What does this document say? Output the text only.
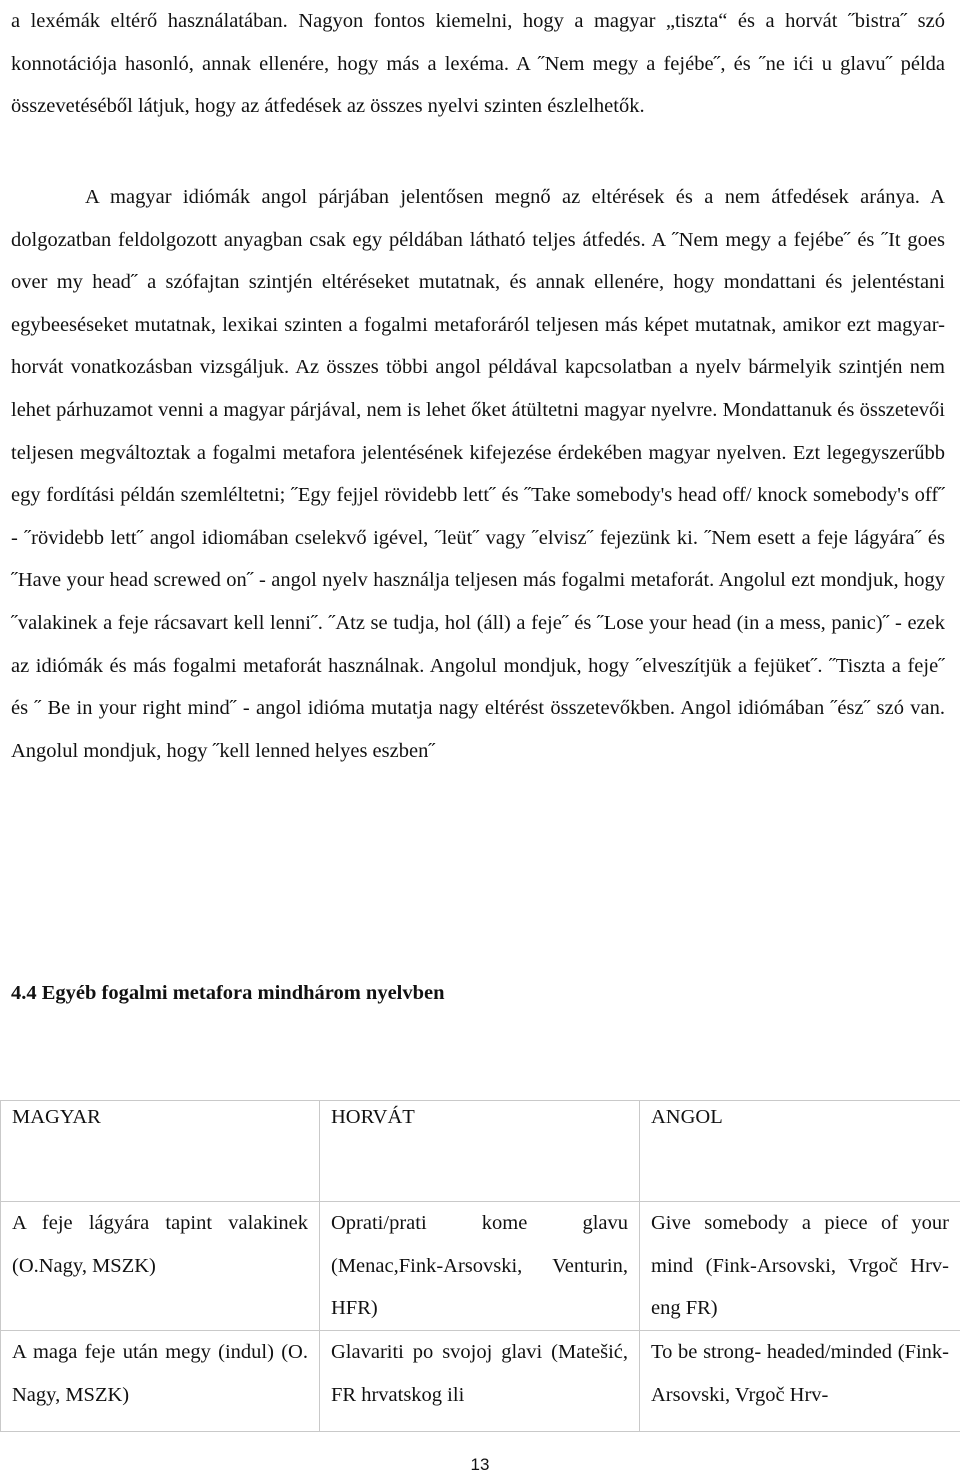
a lexémák eltérő használatában. Nagyon fontos kiemelni, hogy a magyar „tiszta“ és a horvát ˝bistra˝ szó konnotációja hasonló, annak ellenére, hogy más a lexéma. A ˝Nem megy a fejébe˝, és ˝ne ići u glavu˝ példa összevetéséből látjuk, hogy az átfedések az összes nyelvi szinten észlelhetők.

A magyar idiómák angol párjában jelentősen megnő az eltérések és a nem átfedések aránya. A dolgozatban feldolgozott anyagban csak egy példában látható teljes átfedés. A ˝Nem megy a fejébe˝ és ˝It goes over my head˝ a szófajtan szintjén eltéréseket mutatnak, és annak ellenére, hogy mondattani és jelentéstani egybeeséseket mutatnak, lexikai szinten a fogalmi metaforáról teljesen más képet mutatnak, amikor ezt magyar-horvát vonatkozásban vizsgáljuk. Az összes többi angol példával kapcsolatban a nyelv bármelyik szintjén nem lehet párhuzamot venni a magyar párjával, nem is lehet őket átültetni magyar nyelvre. Mondattanuk és összetevői teljesen megváltoztak a fogalmi metafora jelentésének kifejezése érdekében magyar nyelven. Ezt legegyszerűbb egy fordítási példán szemléltetni; ˝Egy fejjel rövidebb lett˝ és ˝Take somebody's head off/ knock somebody's off˝ - ˝rövidebb lett˝ angol idiomában cselekvő igével, ˝leüt˝ vagy ˝elvisz˝ fejezünk ki. ˝Nem esett a feje lágyára˝ és ˝Have your head screwed on˝ - angol nyelv használja teljesen más fogalmi metaforát. Angolul ezt mondjuk, hogy ˝valakinek a feje rácsavart kell lenni˝. ˝Atz se tudja, hol (áll) a feje˝ és ˝Lose your head (in a mess, panic)˝ - ezek az idiómák és más fogalmi metaforát használnak. Angolul mondjuk, hogy ˝elveszítjük a fejüket˝. ˝Tiszta a feje˝ és ˝ Be in your right mind˝ - angol idióma mutatja nagy eltérést összetevőkben. Angol idiómában ˝ész˝ szó van. Angolul mondjuk, hogy ˝kell lenned helyes eszben˝

4.4 Egyéb fogalmi metafora mindhárom nyelvben
MAGYAR	HORVÁT	ANGOL

A feje lágyára tapint valakinek (O.Nagy, MSZK)	Oprati/prati kome glavu (Menac,Fink-Arsovski, Venturin, HFR)	Give somebody a piece of your mind (Fink-Arsovski, Vrgoč Hrv-eng FR)
A maga feje után megy (indul) (O. Nagy, MSZK)	Glavariti po svojoj glavi (Matešić, FR hrvatskog ili	To be strong- headed/minded (Fink-Arsovski, Vrgoč Hrv-
13
